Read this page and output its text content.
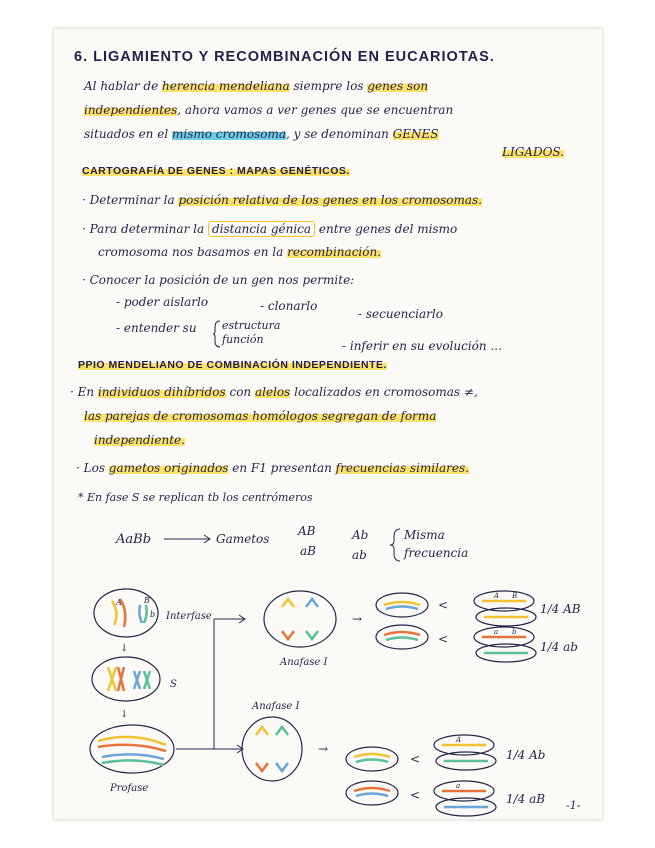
6. LIGAMIENTO Y RECOMBINACIÓN EN EUCARIOTAS.
Al hablar de herencia mendeliana siempre los genes son
independientes, ahora vamos a ver genes que se encuentran
situados en el mismo cromosoma, y se denominan GENES
LIGADOS.
CARTOGRAFÍA DE GENES : MAPAS GENÉTICOS.
· Determinar la posición relativa de los genes en los cromosomas.
· Para determinar la distancia génica entre genes del mismo
cromosoma nos basamos en la recombinación.
· Conocer la posición de un gen nos permite:
- poder aislarlo	- clonarlo
- secuenciarlo
- entender su estructura
función	- inferir en su evolución ...
PPIO MENDELIANO DE COMBINACIÓN INDEPENDIENTE.
· En individuos dihíbridos con alelos localizados en cromosomas ≠,
las parejas de cromosomas homólogos segregan de forma
independiente.
· Los gametos originados en F1 presentan frecuencias similares.
* En fase S se replican tb los centrómeros
AaBb	Gametos
AB
aB
Ab
ab
Misma
frecuencia
A	B
b Interfase
↓
S
↓
Profase
Anafase I
→
<
<
A B
a b
1/4 AB
1/4 ab
Anafase I
→
<
<
A
a
1/4 Ab
1/4 aB -1-
